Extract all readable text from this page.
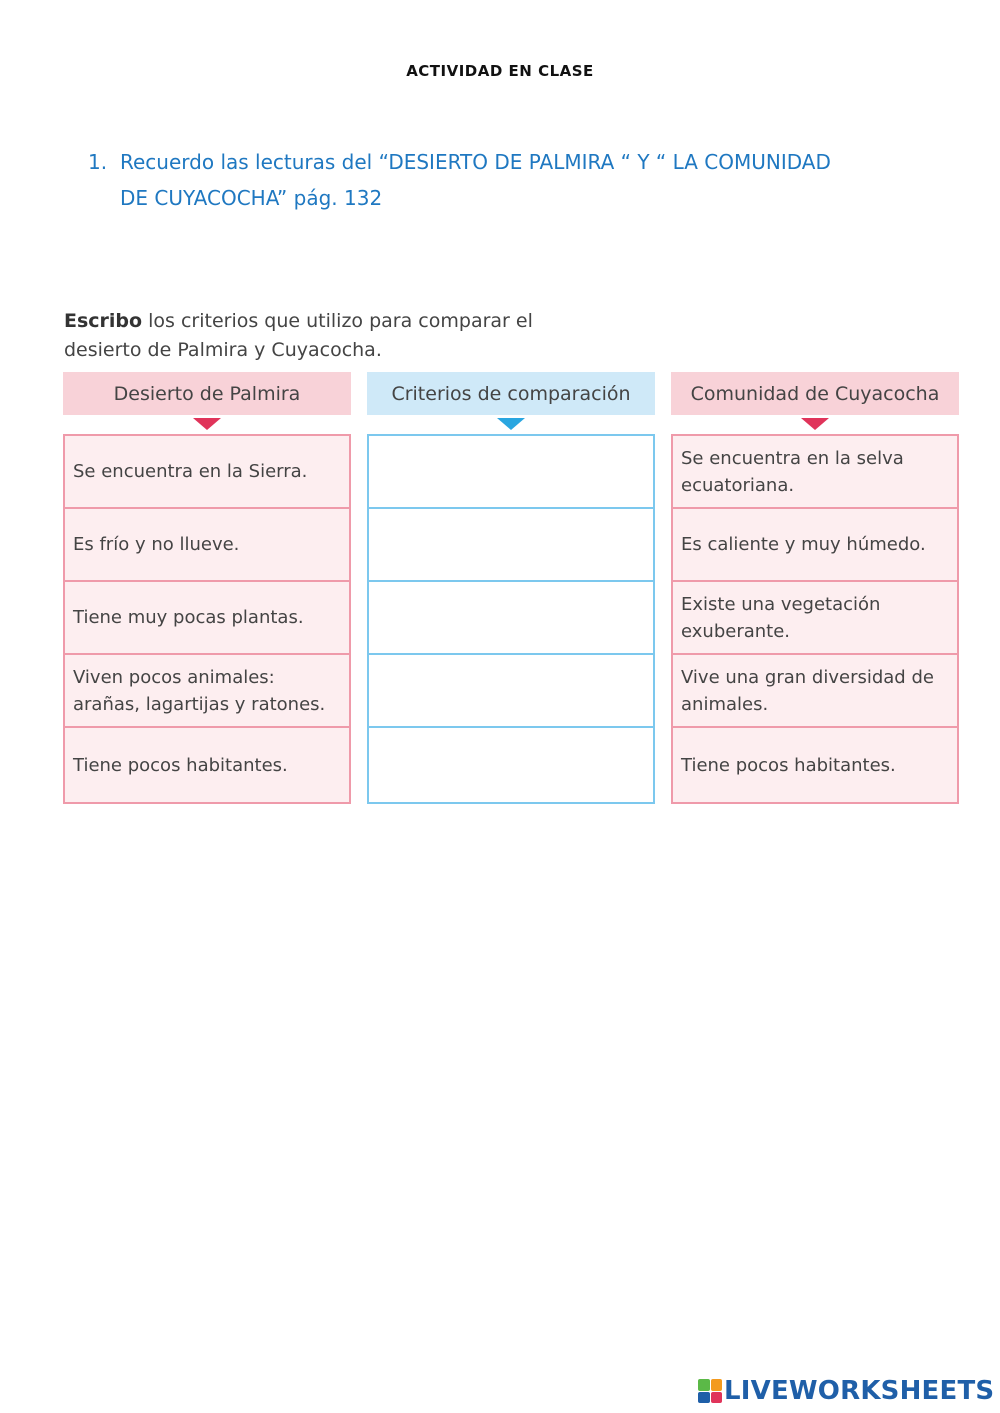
ACTIVIDAD EN CLASE
1. Recuerdo las lecturas del “DESIERTO DE PALMIRA “ Y “ LA COMUNIDAD DE CUYACOCHA” pág. 132
Escribo los criterios que utilizo para comparar el desierto de Palmira y Cuyacocha.
Desierto de Palmira
Se encuentra en la Sierra.
Es frío y no llueve.
Tiene muy pocas plantas.
Viven pocos animales: arañas, lagartijas y ratones.
Tiene pocos habitantes.
Criterios de comparación	Comunidad de Cuyacocha
Se encuentra en la selva ecuatoriana.
Es caliente y muy húmedo.
Existe una vegetación exuberante.
Vive una gran diversidad de animales.
Tiene pocos habitantes.
LIVEWORKSHEETS
